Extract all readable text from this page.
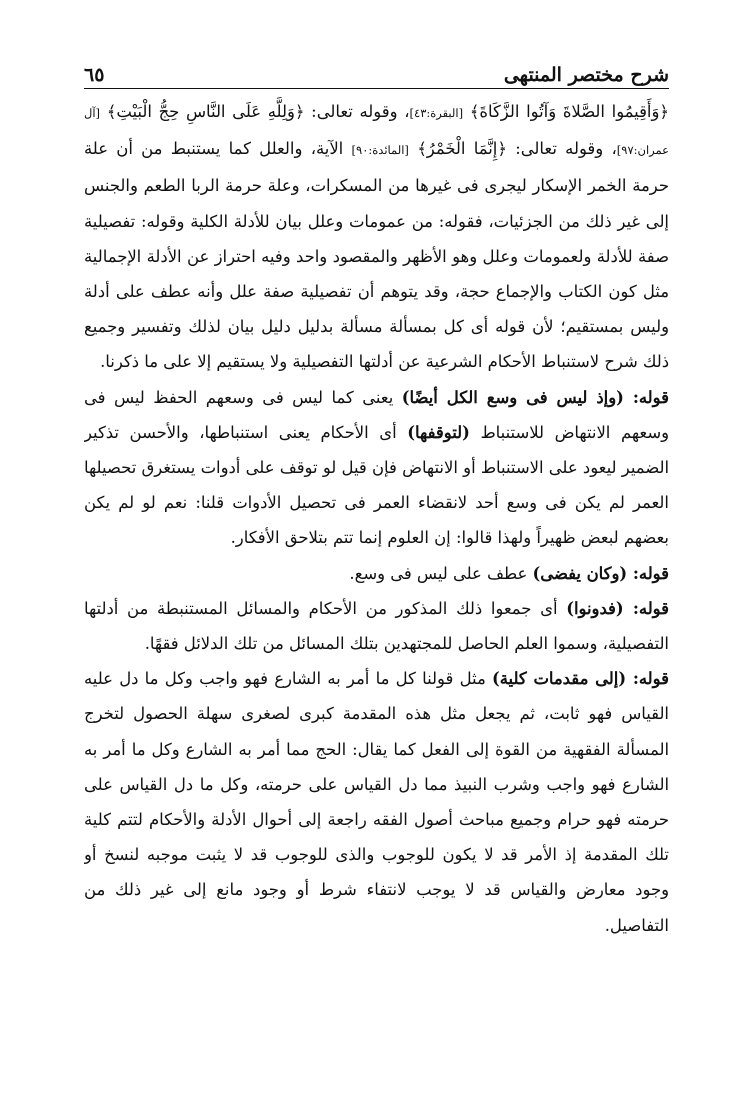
٦٥	شرح مختصر المنتهى

﴿وَأَقِيمُوا الصَّلاةَ وَآتُوا الزَّكَاةَ﴾ [البقرة:٤٣]، وقوله تعالى: ﴿وَلِلَّهِ عَلَى النَّاسِ حِجُّ الْبَيْتِ﴾ [آل عمران:٩٧]، وقوله تعالى: ﴿إِنَّمَا الْخَمْرُ﴾ [المائدة:٩٠] الآية، والعلل كما يستنبط من أن علة حرمة الخمر الإسكار ليجرى فى غيرها من المسكرات، وعلة حرمة الربا الطعم والجنس إلى غير ذلك من الجزئيات، فقوله: من عمومات وعلل بيان للأدلة الكلية وقوله: تفصيلية صفة للأدلة ولعمومات وعلل وهو الأظهر والمقصود واحد وفيه احتراز عن الأدلة الإجمالية مثل كون الكتاب والإجماع حجة، وقد يتوهم أن تفصيلية صفة علل وأنه عطف على أدلة وليس بمستقيم؛ لأن قوله أى كل بمسألة مسألة بدليل دليل بيان لذلك وتفسير وجميع ذلك شرح لاستنباط الأحكام الشرعية عن أدلتها التفصيلية ولا يستقيم إلا على ما ذكرنا.

قوله: (وإذ ليس فى وسع الكل أيضًا) يعنى كما ليس فى وسعهم الحفظ ليس فى وسعهم الانتهاض للاستنباط (لتوقفها) أى الأحكام يعنى استنباطها، والأحسن تذكير الضمير ليعود على الاستنباط أو الانتهاض فإن قيل لو توقف على أدوات يستغرق تحصيلها العمر لم يكن فى وسع أحد لانقضاء العمر فى تحصيل الأدوات قلنا: نعم لو لم يكن بعضهم لبعض ظهيراً ولهذا قالوا: إن العلوم إنما تتم بتلاحق الأفكار.

قوله: (وكان يفضى) عطف على ليس فى وسع.

قوله: (فدونوا) أى جمعوا ذلك المذكور من الأحكام والمسائل المستنبطة من أدلتها التفصيلية، وسموا العلم الحاصل للمجتهدين بتلك المسائل من تلك الدلائل فقهًا.

قوله: (إلى مقدمات كلية) مثل قولنا كل ما أمر به الشارع فهو واجب وكل ما دل عليه القياس فهو ثابت، ثم يجعل مثل هذه المقدمة كبرى لصغرى سهلة الحصول لتخرج المسألة الفقهية من القوة إلى الفعل كما يقال: الحج مما أمر به الشارع وكل ما أمر به الشارع فهو واجب وشرب النبيذ مما دل القياس على حرمته، وكل ما دل القياس على حرمته فهو حرام وجميع مباحث أصول الفقه راجعة إلى أحوال الأدلة والأحكام لتتم كلية تلك المقدمة إذ الأمر قد لا يكون للوجوب والذى للوجوب قد لا يثبت موجبه لنسخ أو وجود معارض والقياس قد لا يوجب لانتفاء شرط أو وجود مانع إلى غير ذلك من التفاصيل.
